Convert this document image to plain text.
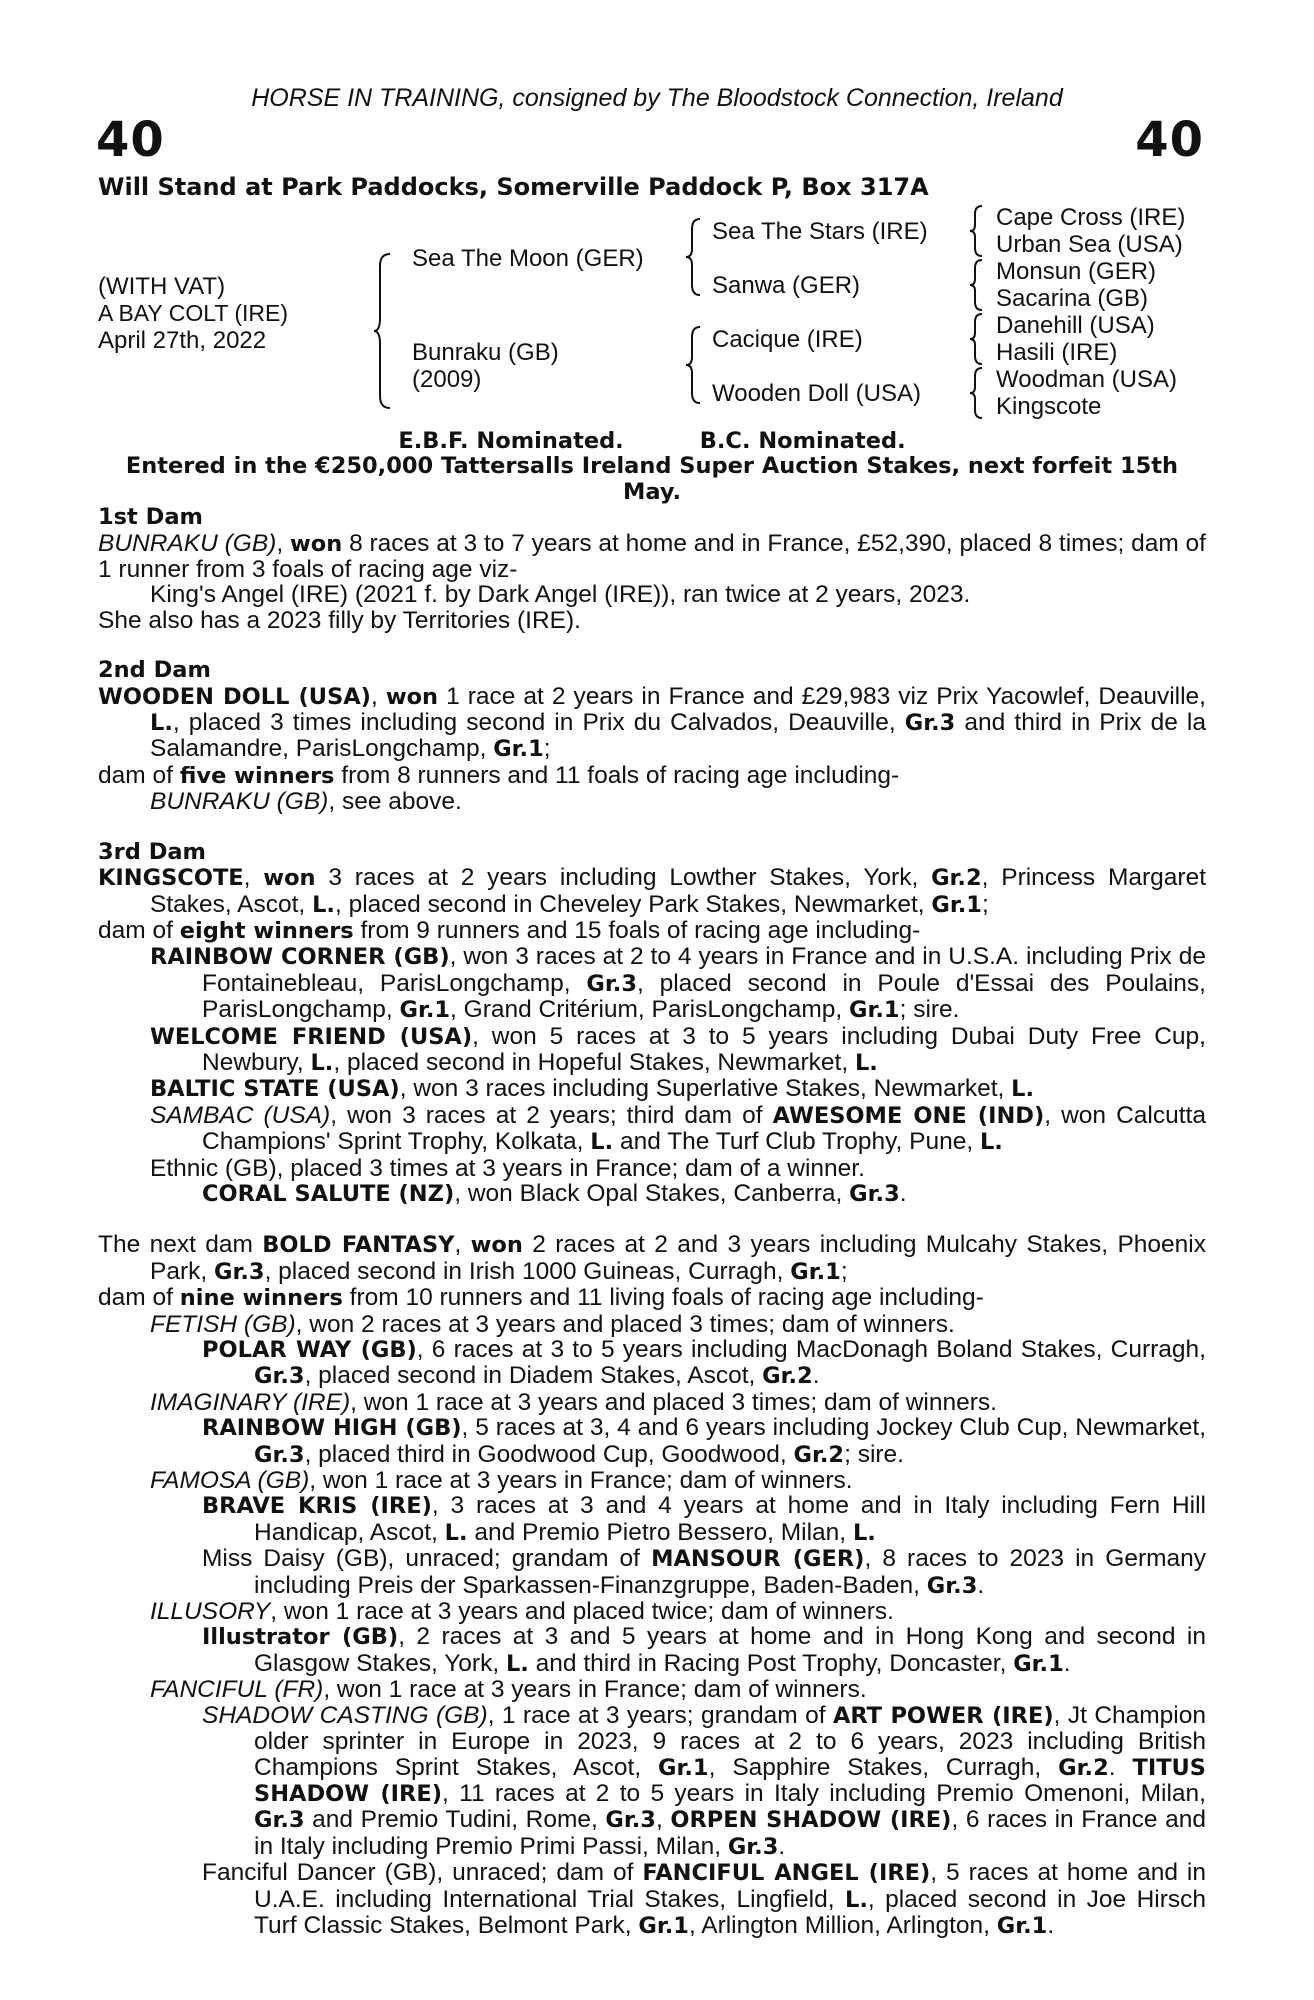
HORSE IN TRAINING, consigned by The Bloodstock Connection, Ireland
40	40
Will Stand at Park Paddocks, Somerville Paddock P, Box 317A
(WITH VAT)
A BAY COLT (IRE)
April 27th, 2022
Sea The Moon (GER)
Bunraku (GB)
(2009)
Sea The Stars (IRE)
Sanwa (GER)
Cacique (IRE)
Wooden Doll (USA)
Cape Cross (IRE)
Urban Sea (USA)
Monsun (GER)
Sacarina (GB)
Danehill (USA)
Hasili (IRE)
Woodman (USA)
Kingscote

E.B.F. Nominated.	B.C. Nominated.

Entered in the €250,000 Tattersalls Ireland Super Auction Stakes, next forfeit 15th May.

1st Dam

BUNRAKU (GB), won 8 races at 3 to 7 years at home and in France, £52,390, placed 8 times; dam of 1 runner from 3 foals of racing age viz-

King's Angel (IRE) (2021 f. by Dark Angel (IRE)), ran twice at 2 years, 2023.

She also has a 2023 filly by Territories (IRE).

2nd Dam

WOODEN DOLL (USA), won 1 race at 2 years in France and £29,983 viz Prix Yacowlef, Deauville, L., placed 3 times including second in Prix du Calvados, Deauville, Gr.3 and third in Prix de la Salamandre, ParisLongchamp, Gr.1;

dam of five winners from 8 runners and 11 foals of racing age including-

BUNRAKU (GB), see above.

3rd Dam

KINGSCOTE, won 3 races at 2 years including Lowther Stakes, York, Gr.2, Princess Margaret Stakes, Ascot, L., placed second in Cheveley Park Stakes, Newmarket, Gr.1;

dam of eight winners from 9 runners and 15 foals of racing age including-

RAINBOW CORNER (GB), won 3 races at 2 to 4 years in France and in U.S.A. including Prix de Fontainebleau, ParisLongchamp, Gr.3, placed second in Poule d'Essai des Poulains, ParisLongchamp, Gr.1, Grand Critérium, ParisLongchamp, Gr.1; sire.

WELCOME FRIEND (USA), won 5 races at 3 to 5 years including Dubai Duty Free Cup, Newbury, L., placed second in Hopeful Stakes, Newmarket, L.

BALTIC STATE (USA), won 3 races including Superlative Stakes, Newmarket, L.

SAMBAC (USA), won 3 races at 2 years; third dam of AWESOME ONE (IND), won Calcutta Champions' Sprint Trophy, Kolkata, L. and The Turf Club Trophy, Pune, L.

Ethnic (GB), placed 3 times at 3 years in France; dam of a winner.

CORAL SALUTE (NZ), won Black Opal Stakes, Canberra, Gr.3.

The next dam BOLD FANTASY, won 2 races at 2 and 3 years including Mulcahy Stakes, Phoenix Park, Gr.3, placed second in Irish 1000 Guineas, Curragh, Gr.1;

dam of nine winners from 10 runners and 11 living foals of racing age including-

FETISH (GB), won 2 races at 3 years and placed 3 times; dam of winners.

POLAR WAY (GB), 6 races at 3 to 5 years including MacDonagh Boland Stakes, Curragh, Gr.3, placed second in Diadem Stakes, Ascot, Gr.2.

IMAGINARY (IRE), won 1 race at 3 years and placed 3 times; dam of winners.

RAINBOW HIGH (GB), 5 races at 3, 4 and 6 years including Jockey Club Cup, Newmarket, Gr.3, placed third in Goodwood Cup, Goodwood, Gr.2; sire.

FAMOSA (GB), won 1 race at 3 years in France; dam of winners.

BRAVE KRIS (IRE), 3 races at 3 and 4 years at home and in Italy including Fern Hill Handicap, Ascot, L. and Premio Pietro Bessero, Milan, L.

Miss Daisy (GB), unraced; grandam of MANSOUR (GER), 8 races to 2023 in Germany including Preis der Sparkassen-Finanzgruppe, Baden-Baden, Gr.3.

ILLUSORY, won 1 race at 3 years and placed twice; dam of winners.

Illustrator (GB), 2 races at 3 and 5 years at home and in Hong Kong and second in Glasgow Stakes, York, L. and third in Racing Post Trophy, Doncaster, Gr.1.

FANCIFUL (FR), won 1 race at 3 years in France; dam of winners.

SHADOW CASTING (GB), 1 race at 3 years; grandam of ART POWER (IRE), Jt Champion older sprinter in Europe in 2023, 9 races at 2 to 6 years, 2023 including British Champions Sprint Stakes, Ascot, Gr.1, Sapphire Stakes, Curragh, Gr.2. TITUS SHADOW (IRE), 11 races at 2 to 5 years in Italy including Premio Omenoni, Milan, Gr.3 and Premio Tudini, Rome, Gr.3, ORPEN SHADOW (IRE), 6 races in France and in Italy including Premio Primi Passi, Milan, Gr.3.

Fanciful Dancer (GB), unraced; dam of FANCIFUL ANGEL (IRE), 5 races at home and in U.A.E. including International Trial Stakes, Lingfield, L., placed second in Joe Hirsch Turf Classic Stakes, Belmont Park, Gr.1, Arlington Million, Arlington, Gr.1.
